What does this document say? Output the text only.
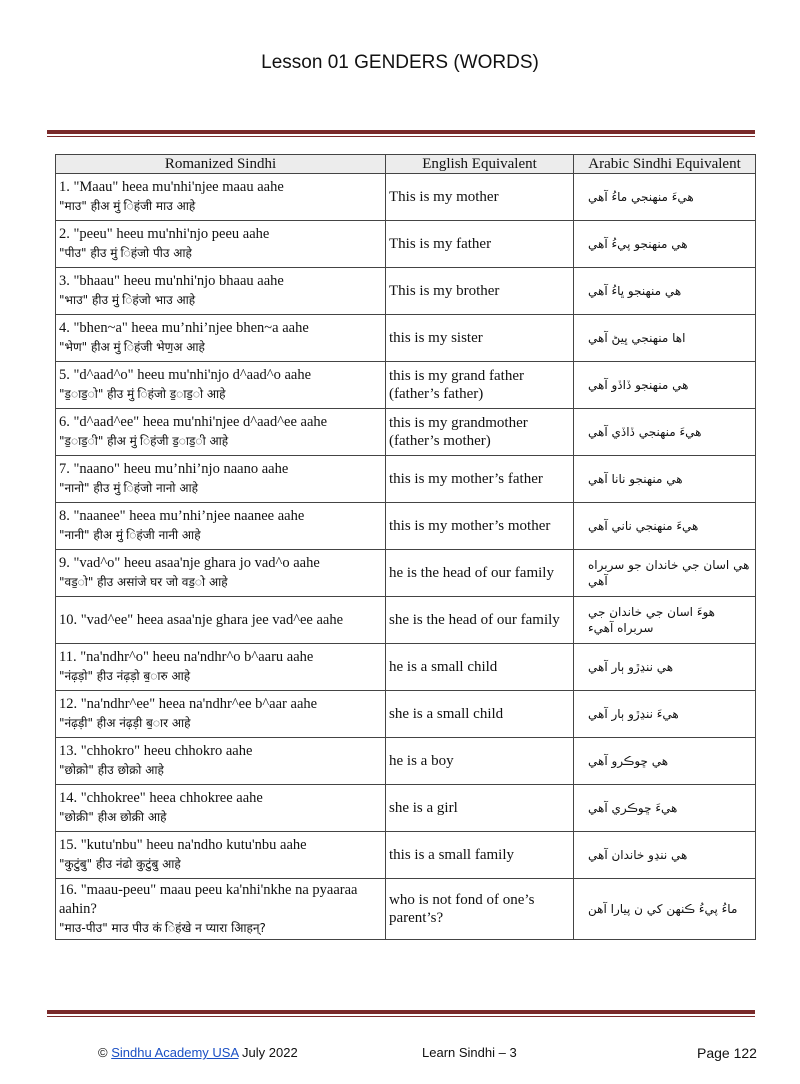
Lesson 01 GENDERS (WORDS)
Romanized Sindhi	English Equivalent	Arabic Sindhi Equivalent

1. "Maau" heea mu'nhi'njee maau aahe
"माउ" हीअ मुं िहंजी माउ आहे	This is my mother	هيءَ منهنجي ماءُ آهي

2. "peeu" heeu mu'nhi'njo peeu aahe
"पीउ" हीउ मुं िहंजो पीउ आहे	This is my father	هي منهنجو پيءُ آهي

3. "bhaau" heeu mu'nhi'njo bhaau aahe
"भाउ" हीउ मुं िहंजो भाउ आहे	This is my brother	هي منهنجو ڀاءُ آهي

4. "bhen~a" heea mu’nhi’njee bhen~a aahe
"भेण" हीअ मुं िहंजी भेण॒अ आहे	this is my sister	اها منهنجي ڀيڻ آهي

5. "d^aad^o" heeu mu'nhi'njo d^aad^o aahe
"ड॒ाड॒ो" हीउ मुं िहंजो ड॒ाड॒ो आहे	this is my grand father (father’s father)	هي منهنجو ڏاڏو آهي

6. "d^aad^ee" heea mu'nhi'njee d^aad^ee aahe
"ड॒ाड॒ी" हीअ मुं िहंजी ड॒ाड॒ी आहे	this is my grandmother (father’s mother)	هيءَ منهنجي ڏاڏي آهي

7. "naano" heeu mu’nhi’njo naano aahe
"नानो" हीउ मुं िहंजो नानो आहे	this is my mother’s father	هي منهنجو نانا آهي

8. "naanee" heea mu’nhi’njee naanee aahe
"नानी" हीअ मुं िहंजी नानी आहे	this is my mother’s mother	هيءَ منهنجي ناني آهي

9. "vad^o" heeu asaa'nje ghara jo vad^o aahe
"वड॒ो" हीउ असांजे घर जो वड॒ो आहे	he is the head of our family	هي اسان جي خاندان جو سربراه آهي

10. "vad^ee" heea asaa'nje ghara jee vad^ee aahe	she is the head of our family	هوءَ اسان جي خاندان جي سربراه آهيء

11. "na'ndhr^o" heeu na'ndhr^o b^aaru aahe
"नंढ़ड़ो" हीउ नंढ़ड़ो ब॒ारु आहे	he is a small child	هي ننڍڙو ٻار آهي

12. "na'ndhr^ee" heea na'ndhr^ee b^aar aahe
"नंढ़ड़ी" हीअ नंढ़ड़ी ब॒ार आहे	she is a small child	هيءَ ننڍڙو ٻار آهي

13. "chhokro" heeu chhokro aahe
"छोक्रो" हीउ छोक्रो आहे	he is a boy	هي ڇوڪرو آهي

14. "chhokree" heea chhokree aahe
"छोक्री" हीअ छोक्री आहे	she is a girl	هيءَ ڇوڪري آهي

15. "kutu'nbu" heeu na'ndho kutu'nbu aahe
"कुटुंबु" हीउ नंढो कुटुंबु आहे	this is a small family	هي ننڍو خاندان آهي

16. "maau-peeu" maau peeu ka'nhi'nkhe na pyaaraa aahin?
"माउ-पीउ" माउ पीउ कं िहंखे न प्यारा आिहन्?	who is not fond of one’s parent’s?	ماءُ پيءُ ڪنهن کي ن پيارا آهن
© Sindhu Academy USA July 2022	Learn Sindhi – 3	Page 122
